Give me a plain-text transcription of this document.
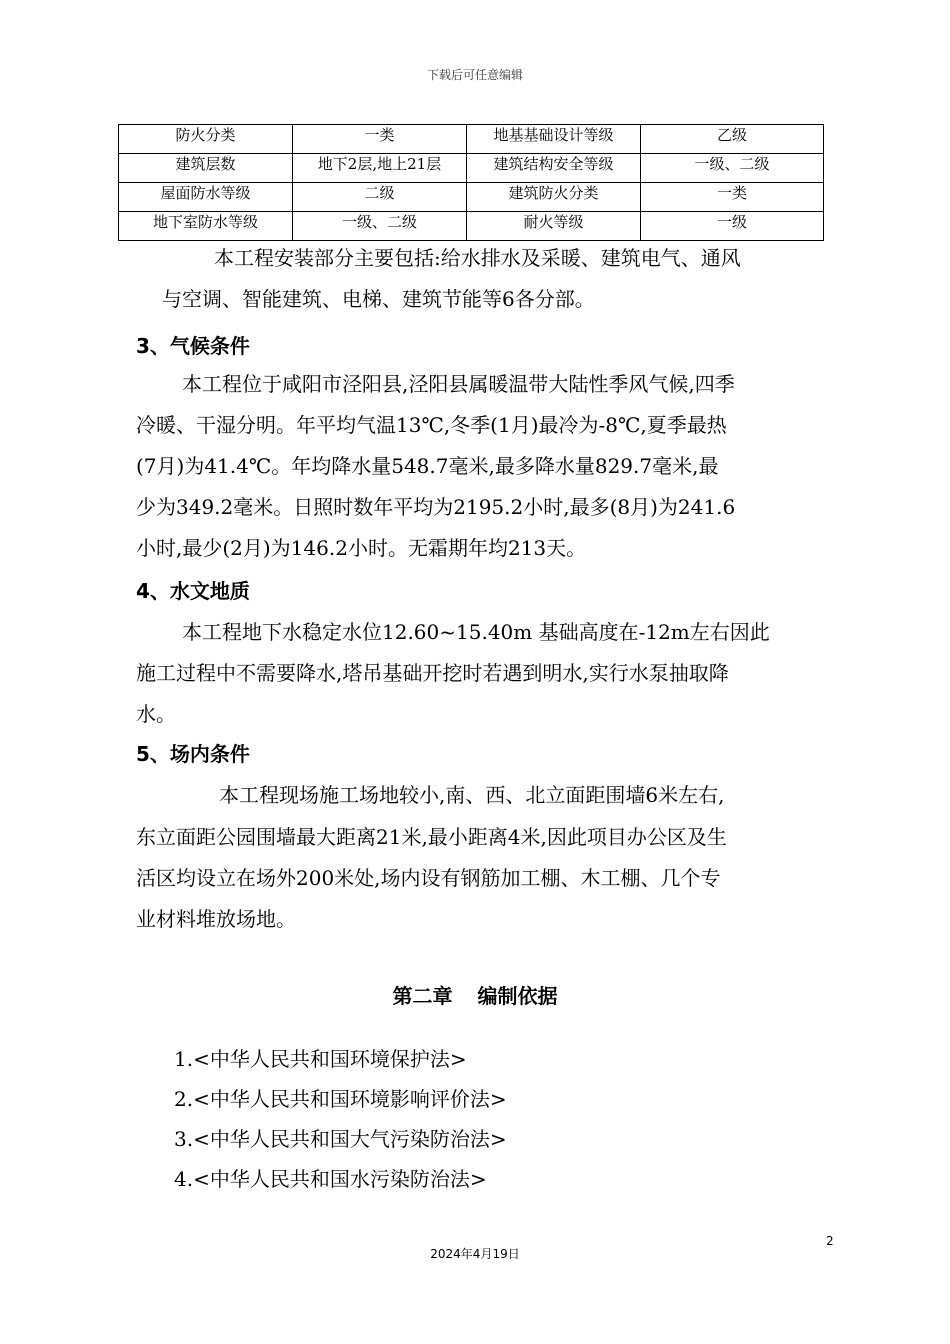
下载后可任意编辑
防火分类	一类	地基基础设计等级	乙级
建筑层数	地下2层,地上21层	建筑结构安全等级	一级、二级
屋面防水等级	二级	建筑防火分类	一类
地下室防水等级	一级、二级	耐火等级	一级
本工程安装部分主要包括:给水排水及采暖、建筑电气、通风
与空调、智能建筑、电梯、建筑节能等6各分部。
3、气候条件
本工程位于咸阳市泾阳县,泾阳县属暖温带大陆性季风气候,四季
冷暖、干湿分明。年平均气温13℃,冬季(1月)最冷为-8℃,夏季最热
(7月)为41.4℃。年均降水量548.7毫米,最多降水量829.7毫米,最
少为349.2毫米。日照时数年平均为2195.2小时,最多(8月)为241.6
小时,最少(2月)为146.2小时。无霜期年均213天。
4、水文地质
本工程地下水稳定水位12.60~15.40m 基础高度在-12m左右因此
施工过程中不需要降水,塔吊基础开挖时若遇到明水,实行水泵抽取降
水。
5、场内条件
本工程现场施工场地较小,南、西、北立面距围墙6米左右,
东立面距公园围墙最大距离21米,最小距离4米,因此项目办公区及生
活区均设立在场外200米处,场内设有钢筋加工棚、木工棚、几个专
业材料堆放场地。
第二章 编制依据
1.<中华人民共和国环境保护法>
2.<中华人民共和国环境影响评价法>
3.<中华人民共和国大气污染防治法>
4.<中华人民共和国水污染防治法>
2
2024年4月19日
